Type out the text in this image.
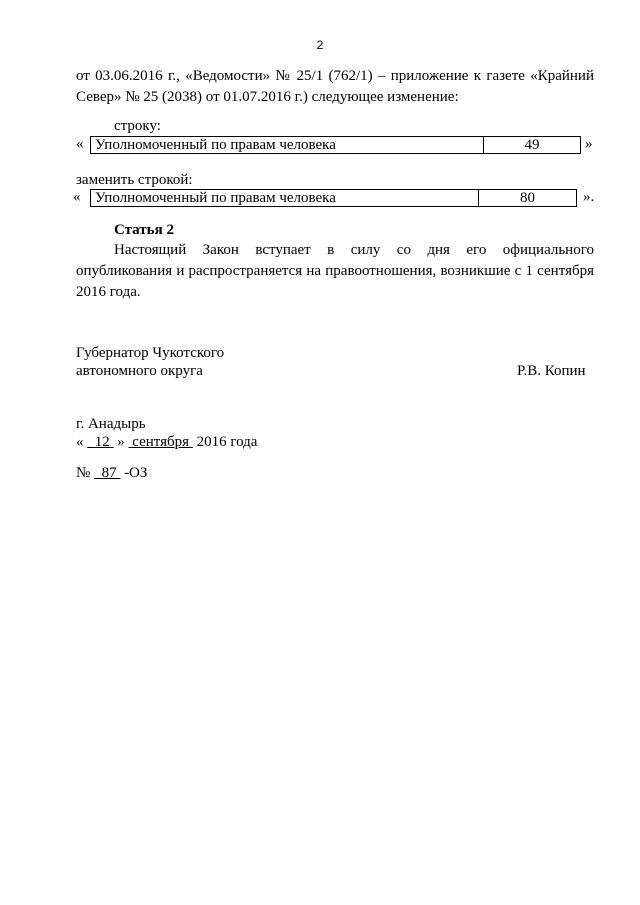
2
от 03.06.2016 г., «Ведомости» № 25/1 (762/1) – приложение к газете «Крайний
Север» № 25 (2038) от 01.07.2016 г.) следующее изменение:
строку:
« Уполномоченный по правам человека	49	»
заменить строкой:
« Уполномоченный по правам человека	80	».
Статья 2
Настоящий Закон вступает в силу со дня его официального
опубликования и распространяется на правоотношения, возникшие с 1 сентября
2016 года.
Губернатор Чукотского
автономного округа	Р.В. Копин
г. Анадырь
« 12 » сентября 2016 года
№ 87 -ОЗ
